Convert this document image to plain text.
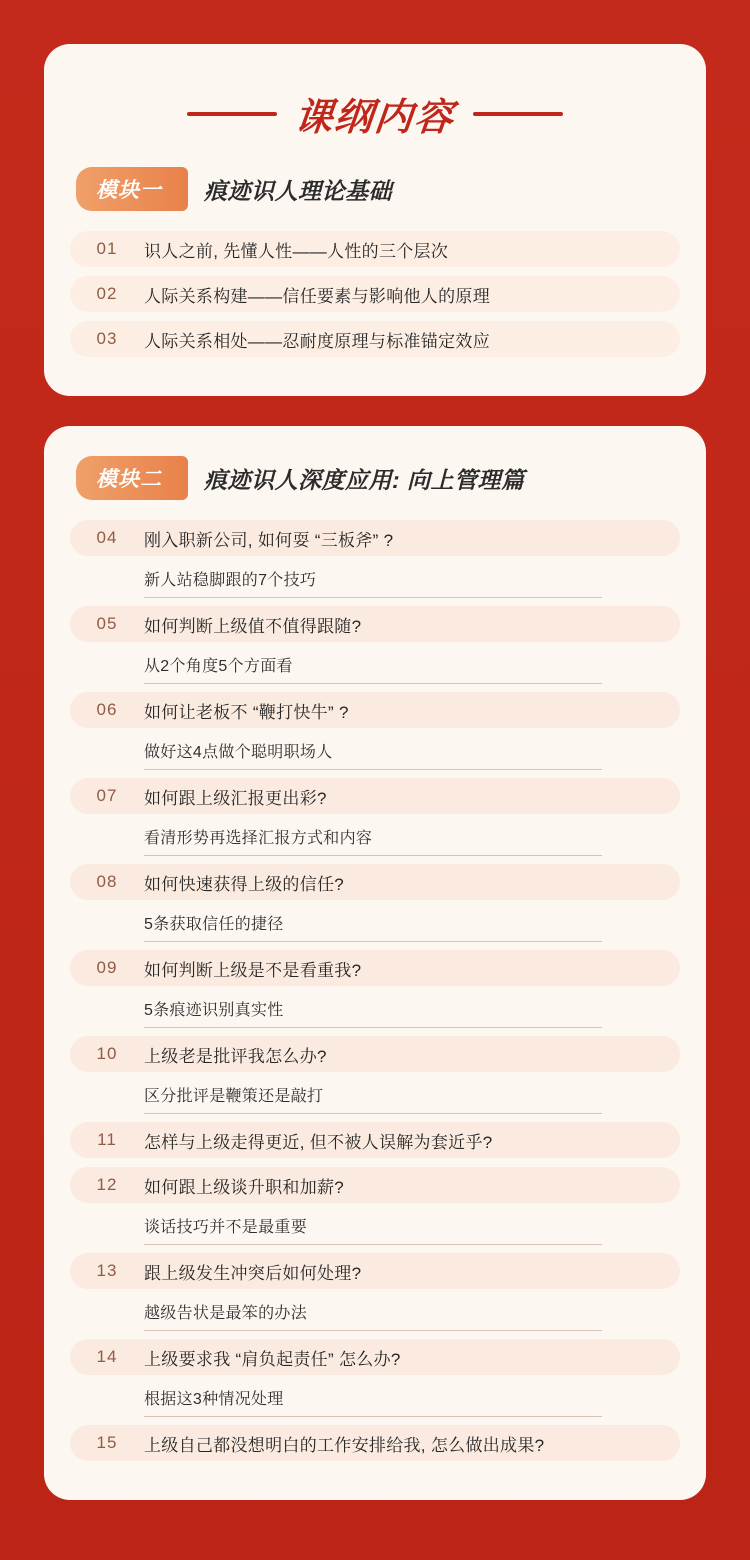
课纲内容
模块一	痕迹识人理论基础
01	识人之前, 先懂人性——人性的三个层次
02	人际关系构建——信任要素与影响他人的原理
03	人际关系相处——忍耐度原理与标准锚定效应
模块二	痕迹识人深度应用: 向上管理篇
04	刚入职新公司, 如何耍 “三板斧” ?
新人站稳脚跟的7个技巧
05	如何判断上级值不值得跟随?
从2个角度5个方面看
06	如何让老板不 “鞭打快牛” ?
做好这4点做个聪明职场人
07	如何跟上级汇报更出彩?
看清形势再选择汇报方式和内容
08	如何快速获得上级的信任?
5条获取信任的捷径
09	如何判断上级是不是看重我?
5条痕迹识别真实性
10	上级老是批评我怎么办?
区分批评是鞭策还是敲打
11	怎样与上级走得更近, 但不被人误解为套近乎?
12	如何跟上级谈升职和加薪?
谈话技巧并不是最重要
13	跟上级发生冲突后如何处理?
越级告状是最笨的办法
14	上级要求我 “肩负起责任” 怎么办?
根据这3种情况处理
15	上级自己都没想明白的工作安排给我, 怎么做出成果?
